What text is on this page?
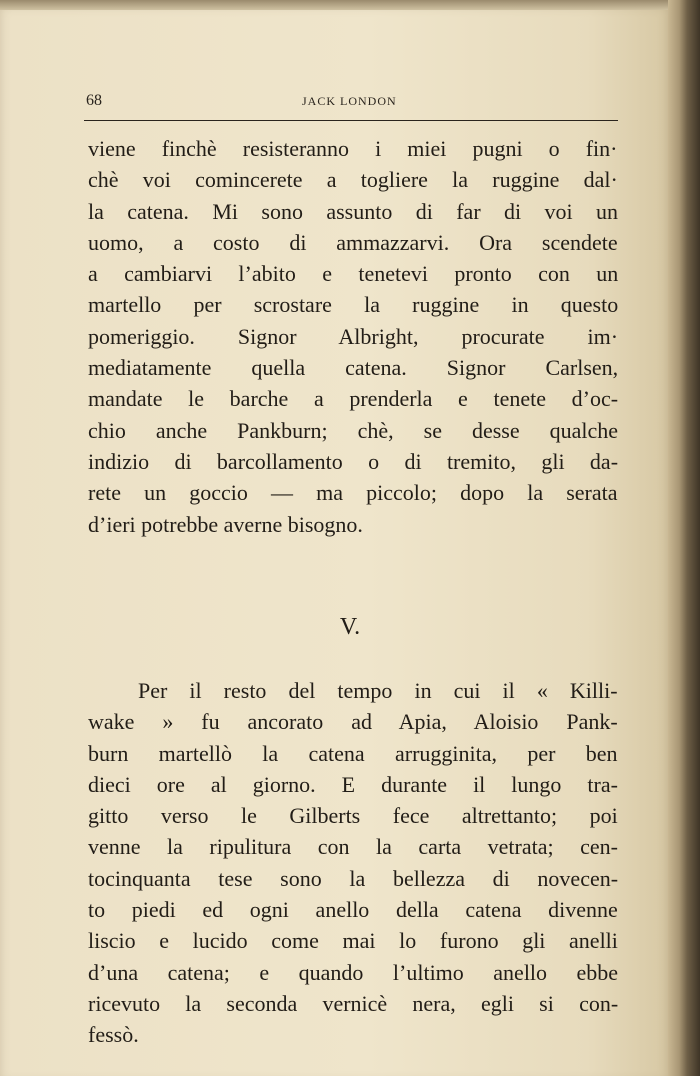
68	JACK LONDON
viene finchè resisteranno i miei pugni o fin·
chè voi comincerete a togliere la ruggine dal·
la catena. Mi sono assunto di far di voi un
uomo, a costo di ammazzarvi. Ora scendete
a cambiarvi l’abito e tenetevi pronto con un
martello per scrostare la ruggine in questo
pomeriggio. Signor Albright, procurate im·
mediatamente quella catena. Signor Carlsen,
mandate le barche a prenderla e tenete d’oc-
chio anche Pankburn; chè, se desse qualche
indizio di barcollamento o di tremito, gli da-
rete un goccio — ma piccolo; dopo la serata
d’ieri potrebbe averne bisogno.
V.
Per il resto del tempo in cui il « Killi-
wake » fu ancorato ad Apia, Aloisio Pank-
burn martellò la catena arrugginita, per ben
dieci ore al giorno. E durante il lungo tra-
gitto verso le Gilberts fece altrettanto; poi
venne la ripulitura con la carta vetrata; cen-
tocinquanta tese sono la bellezza di novecen-
to piedi ed ogni anello della catena divenne
liscio e lucido come mai lo furono gli anelli
d’una catena; e quando l’ultimo anello ebbe
ricevuto la seconda vernicè nera, egli si con-
fessò.
